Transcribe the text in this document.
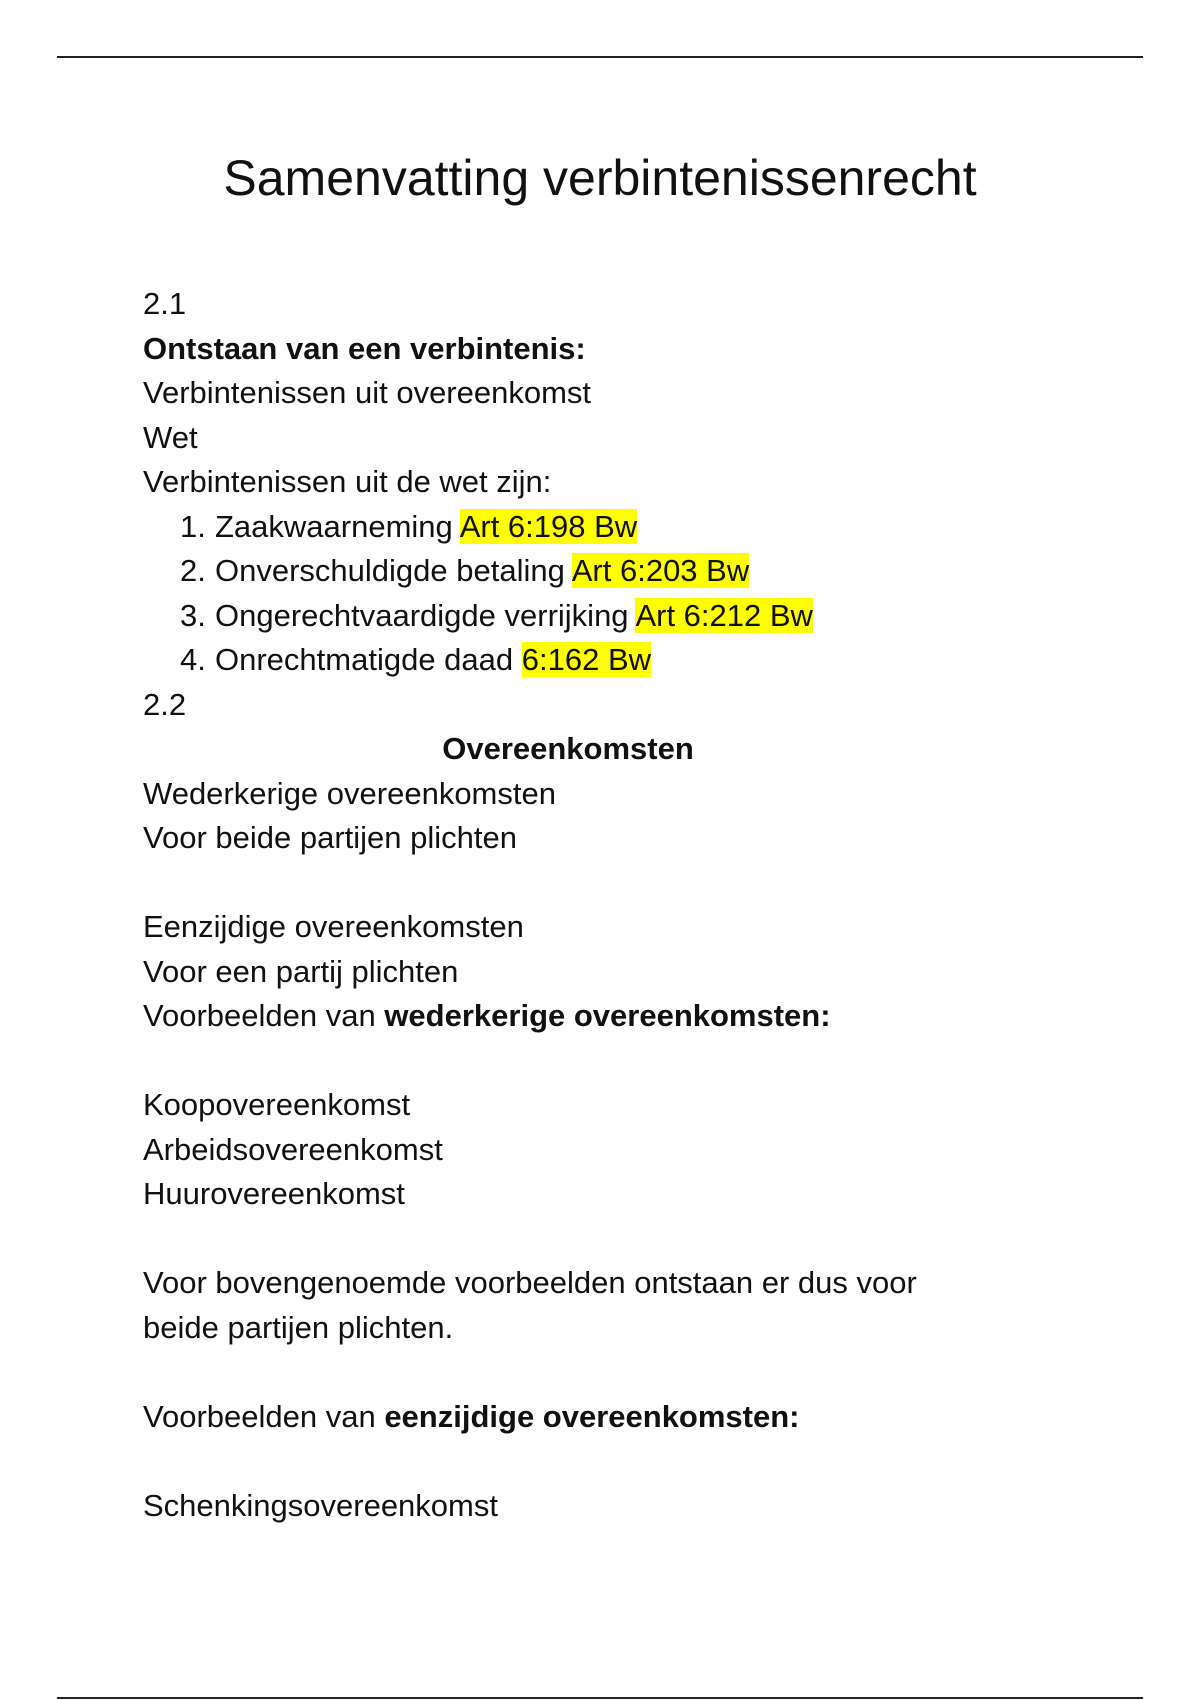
Samenvatting verbintenissenrecht
2.1
Ontstaan van een verbintenis:
Verbintenissen uit overeenkomst
Wet
Verbintenissen uit de wet zijn:
1. Zaakwaarneming Art 6:198 Bw
2. Onverschuldigde betaling Art 6:203 Bw
3. Ongerechtvaardigde verrijking Art 6:212 Bw
4. Onrechtmatigde daad 6:162 Bw
2.2
Overeenkomsten
Wederkerige overeenkomsten
Voor beide partijen plichten
Eenzijdige overeenkomsten
Voor een partij plichten
Voorbeelden van wederkerige overeenkomsten:
Koopovereenkomst
Arbeidsovereenkomst
Huurovereenkomst
Voor bovengenoemde voorbeelden ontstaan er dus voor
beide partijen plichten.
Voorbeelden van eenzijdige overeenkomsten:
Schenkingsovereenkomst
